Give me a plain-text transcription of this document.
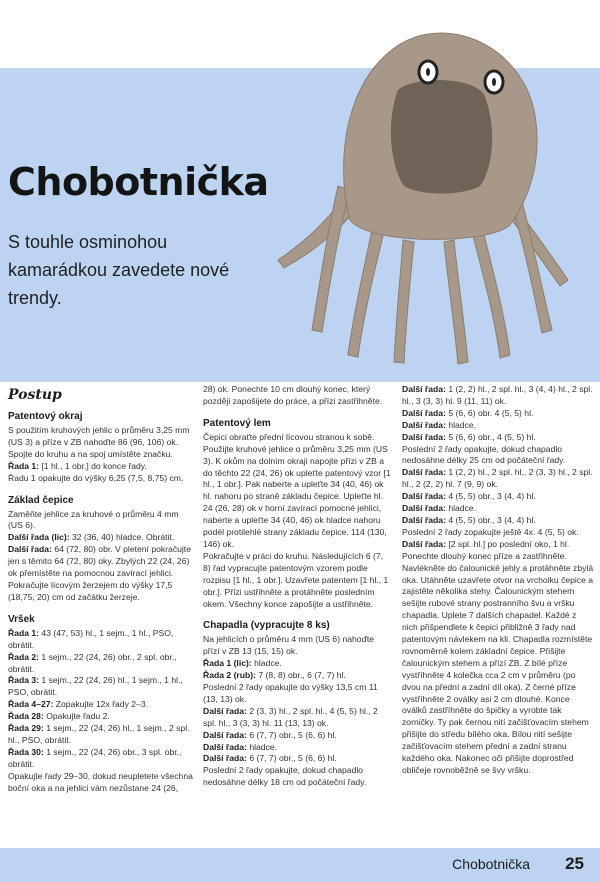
Chobotnička
S touhle osminohou kamarádkou zavedete nové trendy.
Postup
Patentový okraj

S použitím kruhových jehlic o průměru 3,25 mm (US 3) a příze v ZB nahoďte 86 (96, 106) ok. Spojte do kruhu a na spoj umístěte značku.

Řada 1: [1 hl., 1 obr.] do konce řady.

Řadu 1 opakujte do výšky 6,25 (7,5, 8,75) cm.

Základ čepice

Zaměňte jehlice za kruhové o průměru 4 mm (US 6).

Další řada (lic): 32 (36, 40) hladce. Obrátit.

Další řada: 64 (72, 80) obr. V pletení pokračujte jen s těmito 64 (72, 80) oky. Zbylých 22 (24, 26) ok přemístěte na pomocnou zavírací jehlici. Pokračujte lícovým žerzejem do výšky 17,5 (18,75, 20) cm od začátku žerzeje.

Vršek

Řada 1: 43 (47, 53) hl., 1 sejm., 1 hl., PSO, obrátit.

Řada 2: 1 sejm., 22 (24, 26) obr., 2 spl. obr., obrátit.

Řada 3: 1 sejm., 22 (24, 26) hl., 1 sejm., 1 hl., PSO, obrátit.

Řada 4–27: Zopakujte 12x řady 2–3.

Řada 28: Opakujte řadu 2.

Řada 29: 1 sejm., 22 (24, 26) hl., 1 sejm., 2 spl. hl., PSO, obrátit.

Řada 30: 1 sejm., 22 (24, 26) obr., 3 spl. obr., obrátit.

Opakujte řady 29–30, dokud neupletete všechna boční oka a na jehlici vám nezůstane 24 (26,

28) ok. Ponechte 10 cm dlouhý konec, který později zapošijete do práce, a přízi zastřihněte.

Patentový lem

Čepici obraťte přední lícovou stranou k sobě. Použijte kruhové jehlice o průměru 3,25 mm (US 3). K okům na dolním okraji napojte přízi v ZB a do těchto 22 (24, 26) ok upleťte patentový vzor [1 hl., 1 obr.]. Pak naberte a upleťte 34 (40, 46) ok hl. nahoru po straně základu čepice. Upleťte hl. 24 (26, 28) ok v horní zavírací pomocné jehlici, naberte a upleťte 34 (40, 46) ok hladce nahoru podél protilehlé strany základu čepice. 114 (130, 146) ok.

Pokračujte v práci do kruhu. Následujících 6 (7, 8) řad vypracujte patentovým vzorem podle rozpisu [1 hl., 1 obr.]. Uzavřete patentem [1 hl., 1 obr.]. Přízi ustřihněte a protáhněte posledním okem. Všechny konce zapošijte a ustřihněte.

Chapadla (vypracujte 8 ks)

Na jehlicích o průměru 4 mm (US 6) nahoďte přízí v ZB 13 (15, 15) ok.

Řada 1 (lic): hladce.

Řada 2 (rub): 7 (8, 8) obr., 6 (7, 7) hl.

Poslední 2 řady opakujte do výšky 13,5 cm 11 (13, 13) ok.

Další řada: 2 (3, 3) hl., 2 spl. hl., 4 (5, 5) hl., 2 spl. hl., 3 (3, 3) hl. 11 (13, 13) ok.

Další řada: 6 (7, 7) obr., 5 (6, 6) hl.

Další řada: hladce.

Další řada: 6 (7, 7) obr., 5 (6, 6) hl.

Poslední 2 řady opakujte, dokud chapadlo nedosáhne délky 18 cm od počáteční řady.

Další řada: 1 (2, 2) hl., 2 spl. hl., 3 (4, 4) hl., 2 spl. hl., 3 (3, 3) hl. 9 (11, 11) ok.

Další řada: 5 (6, 6) obr. 4 (5, 5) hl.

Další řada: hladce.

Další řada: 5 (6, 6) obr., 4 (5, 5) hl.

Poslední 2 řady opakujte, dokud chapadlo nedosáhne délky 25 cm od počáteční řady.

Další řada: 1 (2, 2) hl., 2 spl. hl., 2 (3, 3) hl., 2 spl. hl., 2 (2, 2) hl. 7 (9, 9) ok.

Další řada: 4 (5, 5) obr., 3 (4, 4) hl.

Další řada: hladce.

Další řada: 4 (5, 5) obr., 3 (4, 4) hl.

Poslední 2 řady zopakujte ještě 4x. 4 (5, 5) ok.

Další řada: [2 spl. hl.] po poslední oko, 1 hl.

Ponechte dlouhý konec příze a zastřihněte. Navlékněte do čalounické jehly a protáhněte zbylá oka. Utáhněte uzavřete otvor na vrcholku čepice a zajistěte několika stehy. Čalounickým stehem sešijte rubové strany postranního švu a vršku chapadla. Uplete 7 dalších chapadel. Každé z nich přišpendlete k čepici přibližně 3 řady nad patentovým návlekem na kli. Chapadla rozmístěte rovnoměrně kolem základní čepice. Přišijte čalounickým stehem a přízí ZB. Z bílé příze vystříhněte 4 kolečka cca 2 cm v průměru (po dvou na přední a zadní díl oka). Z černé příze vystříhněte 2 oválky asi 2 cm dlouhé. Konce oválků zastříhněte do špičky a vyrobte tak zorničky. Ty pak černou nití začišťovacím stehem přišijte do středu bílého oka. Bílou nití sešijte začišťovacím stehem přední a zadní stranu každého oka. Nakonec oči přišijte doprostřed obličeje rovnoběžně se švy vršku.

Chobotnička 25
